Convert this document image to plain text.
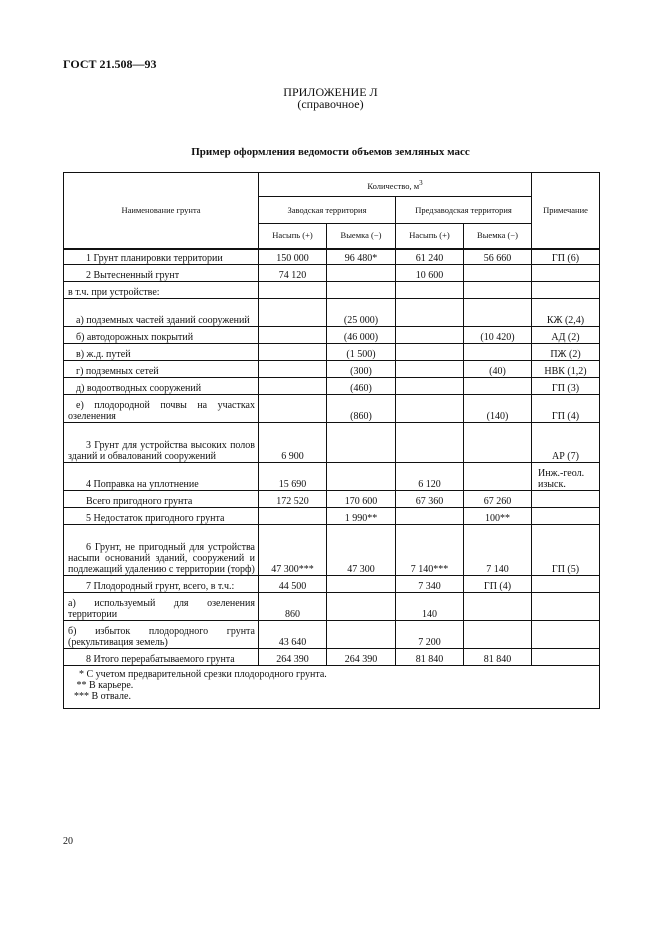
ГОСТ 21.508—93
ПРИЛОЖЕНИЕ Л
(справочное)
Пример оформления ведомости объемов земляных масс
Наименование грунта	Количество, $м^3$				Примечание
	Заводская территория		Предзаводская территория		
	Насыпь (+)	Выемка (−)	Насыпь (+)	Выемка (−)	
1 Грунт планировки территории	150 000	96 480*	61 240	56 660	ГП (6)
2 Вытесненный грунт	74 120		10 600		
в т.ч. при устройстве:					
а) подземных частей зданий сооружений		(25 000)			КЖ (2,4)
б) автодорожных покрытий		(46 000)		(10 420)	АД (2)
в) ж.д. путей		(1 500)			ПЖ (2)
г) подземных сетей		(300)		(40)	НВК (1,2)
д) водоотводных сооружений		(460)			ГП (3)
е) плодородной почвы на участках озеленения		(860)		(140)	ГП (4)
3 Грунт для устройства высоких полов зданий и обвалований сооружений	6 900				АР (7)
4 Поправка на уплотнение	15 690		6 120		Инж.-геол. изыск.
Всего пригодного грунта	172 520	170 600	67 360	67 260	
5 Недостаток пригодного грунта		1 990**		100**	
6 Грунт, не пригодный для устройства насыпи оснований зданий, сооружений и подлежащий удалению с территории (торф)	47 300***	47 300	7 140***	7 140	ГП (5)
7 Плодородный грунт, всего, в т.ч.:	44 500		7 340	ГП (4)	
а) используемый для озеленения территории	860		140		
б) избыток плодородного грунта (рекультивация земель)	43 640		7 200		
8 Итого перерабатываемого грунта	264 390	264 390	81 840	81 840	

* С учетом предварительной срезки плодородного грунта.
** В карьере.
*** В отвале.					
20
